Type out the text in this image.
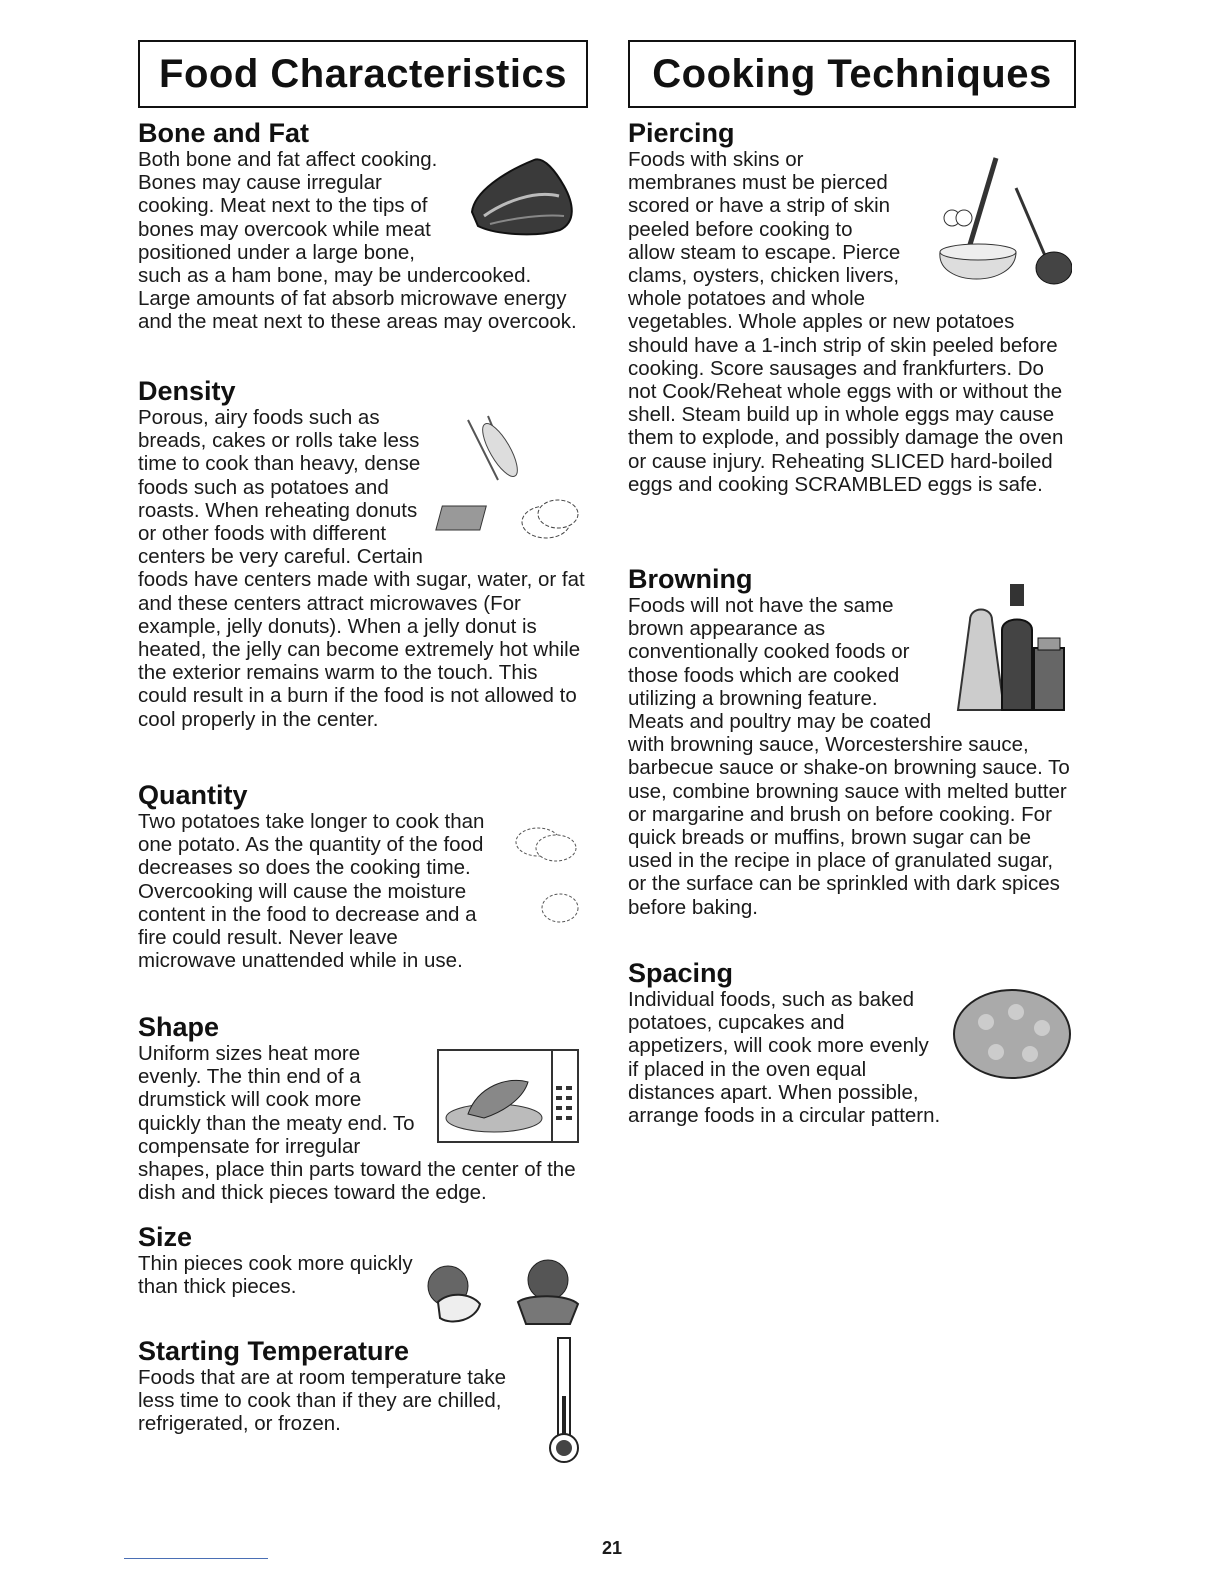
Food Characteristics
Bone and Fat

Both bone and fat affect cooking. Bones may cause irregular cooking. Meat next to the tips of bones may overcook while meat positioned under a large bone, such as a ham bone, may be undercooked. Large amounts of fat absorb microwave energy and the meat next to these areas may overcook.

Density

Porous, airy foods such as breads, cakes or rolls take less time to cook than heavy, dense foods such as potatoes and roasts. When reheating donuts or other foods with different centers be very careful. Certain foods have centers made with sugar, water, or fat and these centers attract microwaves (For example, jelly donuts). When a jelly donut is heated, the jelly can become extremely hot while the exterior remains warm to the touch. This could result in a burn if the food is not allowed to cool properly in the center.

Quantity

Two potatoes take longer to cook than one potato. As the quantity of the food decreases so does the cooking time. Overcooking will cause the moisture content in the food to decrease and a fire could result. Never leave microwave unattended while in use.

Shape

Uniform sizes heat more evenly. The thin end of a drumstick will cook more quickly than the meaty end. To compensate for irregular shapes, place thin parts toward the center of the dish and thick pieces toward the edge.

Size

Thin pieces cook more quickly than thick pieces.

Starting Temperature

Foods that are at room temperature take less time to cook than if they are chilled, refrigerated, or frozen.

Cooking Techniques
Piercing

Foods with skins or membranes must be pierced scored or have a strip of skin peeled before cooking to allow steam to escape. Pierce clams, oysters, chicken livers, whole potatoes and whole vegetables. Whole apples or new potatoes should have a 1-inch strip of skin peeled before cooking. Score sausages and frankfurters. Do not Cook/Reheat whole eggs with or without the shell. Steam build up in whole eggs may cause them to explode, and possibly damage the oven or cause injury. Reheating SLICED hard-boiled eggs and cooking SCRAMBLED eggs is safe.

Browning

Foods will not have the same brown appearance as conventionally cooked foods or those foods which are cooked utilizing a browning feature. Meats and poultry may be coated with browning sauce, Worcestershire sauce, barbecue sauce or shake-on browning sauce. To use, combine browning sauce with melted butter or margarine and brush on before cooking. For quick breads or muffins, brown sugar can be used in the recipe in place of granulated sugar, or the surface can be sprinkled with dark spices before baking.

Spacing

Individual foods, such as baked potatoes, cupcakes and appetizers, will cook more evenly if placed in the oven equal distances apart. When possible, arrange foods in a circular pattern.

21
